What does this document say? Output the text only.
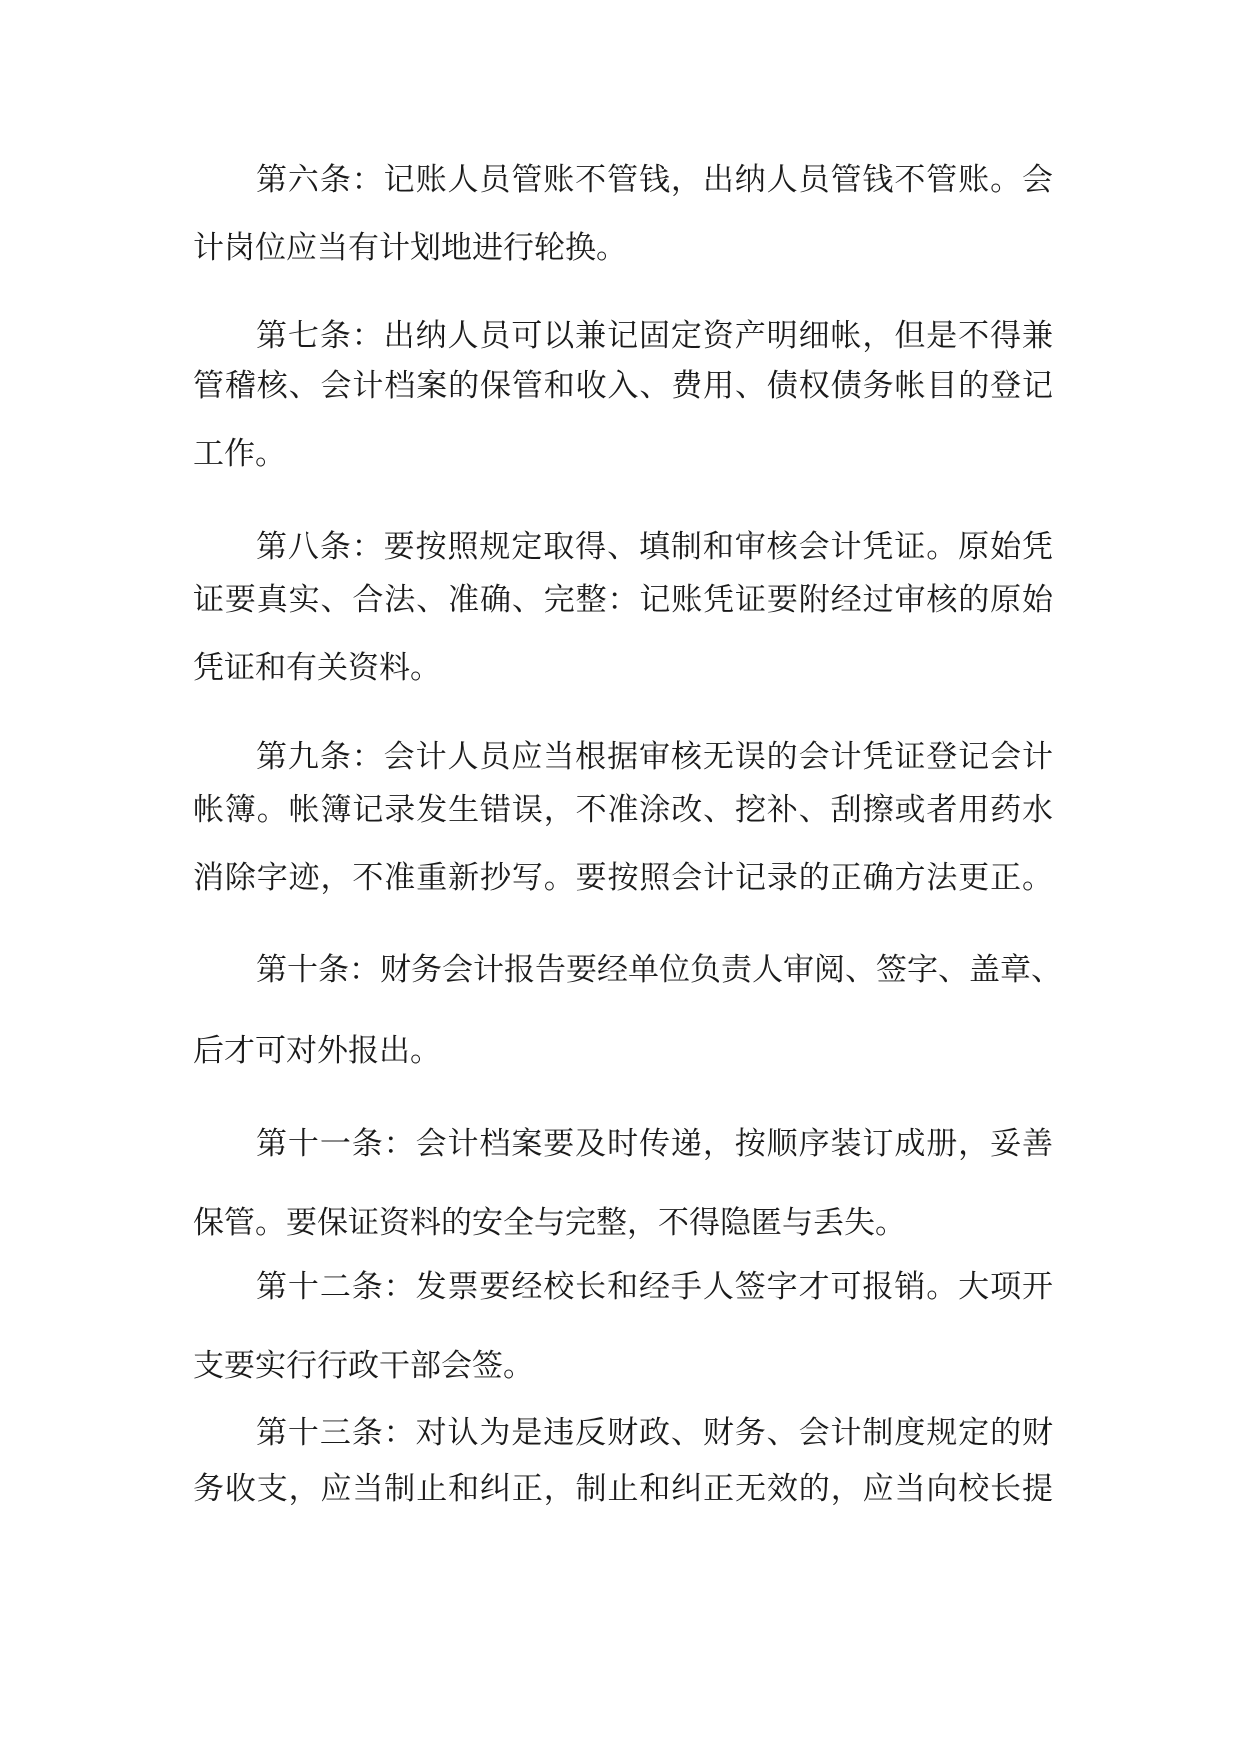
第六条：记账人员管账不管钱，出纳人员管钱不管账。会
计岗位应当有计划地进行轮换。
第七条：出纳人员可以兼记固定资产明细帐，但是不得兼
管稽核、会计档案的保管和收入、费用、债权债务帐目的登记
工作。
第八条：要按照规定取得、填制和审核会计凭证。原始凭
证要真实、合法、准确、完整：记账凭证要附经过审核的原始
凭证和有关资料。
第九条：会计人员应当根据审核无误的会计凭证登记会计
帐簿。帐簿记录发生错误，不准涂改、挖补、刮擦或者用药水
消除字迹，不准重新抄写。要按照会计记录的正确方法更正。
第十条：财务会计报告要经单位负责人审阅、签字、盖章、
后才可对外报出。
第十一条：会计档案要及时传递，按顺序装订成册，妥善
保管。要保证资料的安全与完整，不得隐匿与丢失。
第十二条：发票要经校长和经手人签字才可报销。大项开
支要实行行政干部会签。
第十三条：对认为是违反财政、财务、会计制度规定的财
务收支，应当制止和纠正，制止和纠正无效的，应当向校长提
